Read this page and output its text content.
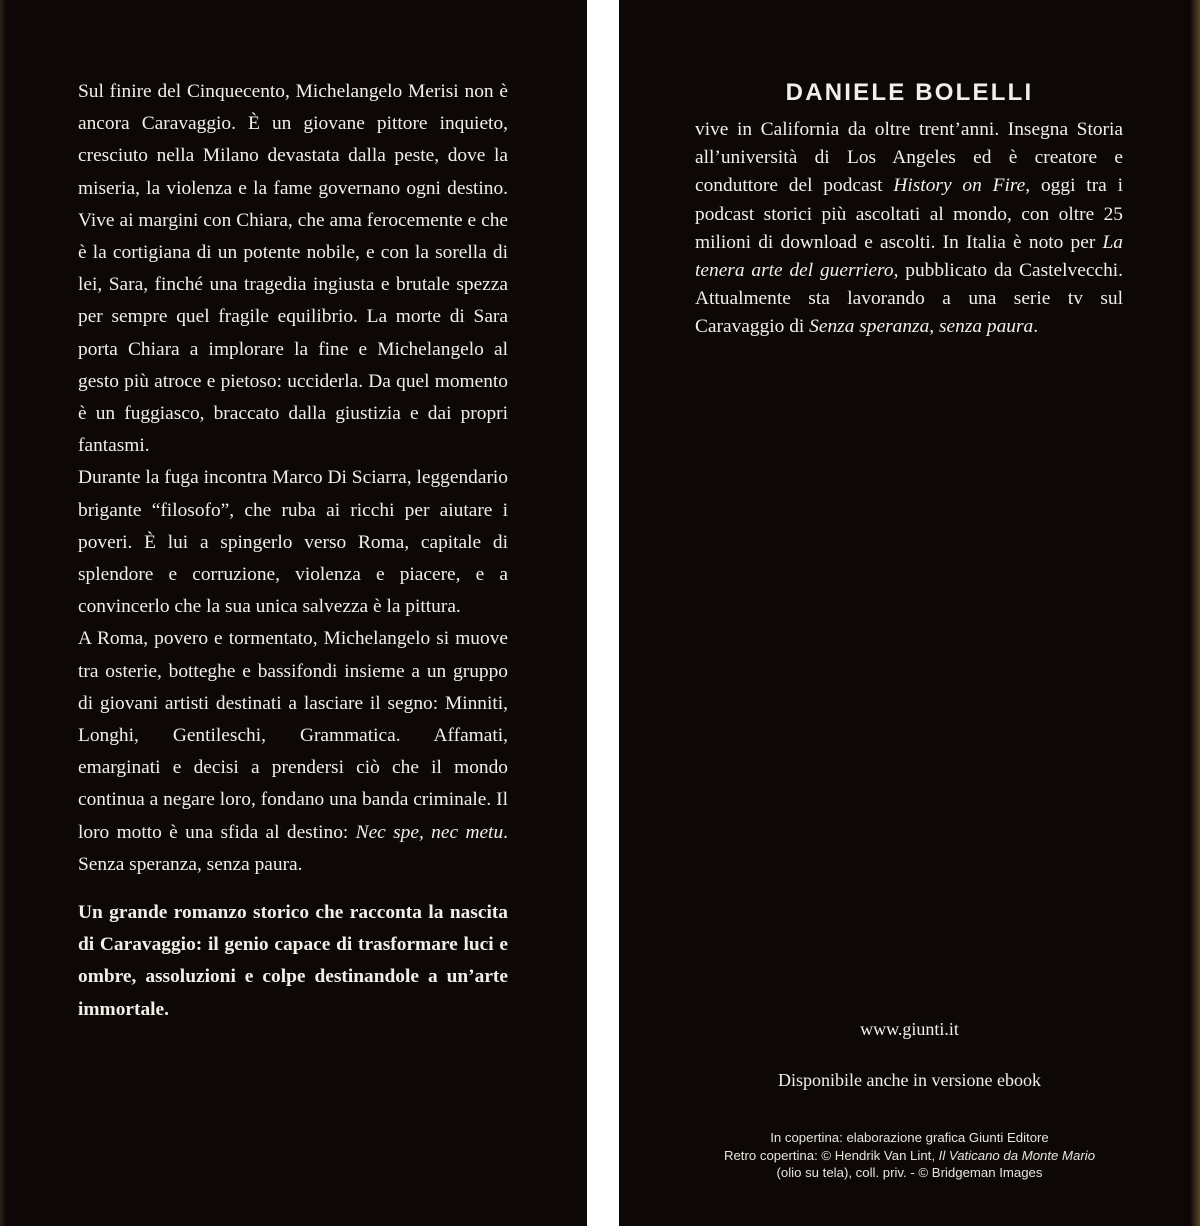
Sul finire del Cinquecento, Michelangelo Merisi non è ancora Caravaggio. È un giovane pittore inquieto, cresciuto nella Milano devastata dalla peste, dove la miseria, la violenza e la fame governano ogni destino. Vive ai margini con Chiara, che ama ferocemente e che è la cortigiana di un potente nobile, e con la sorella di lei, Sara, finché una tragedia ingiusta e brutale spezza per sempre quel fragile equilibrio. La morte di Sara porta Chiara a implorare la fine e Michelangelo al gesto più atroce e pietoso: ucciderla. Da quel momento è un fuggiasco, braccato dalla giustizia e dai propri fantasmi.

Durante la fuga incontra Marco Di Sciarra, leggendario brigante “filosofo”, che ruba ai ricchi per aiutare i poveri. È lui a spingerlo verso Roma, capitale di splendore e corruzione, violenza e piacere, e a convincerlo che la sua unica salvezza è la pittura.

A Roma, povero e tormentato, Michelangelo si muove tra osterie, botteghe e bassifondi insieme a un gruppo di giovani artisti destinati a lasciare il segno: Minniti, Longhi, Gentileschi, Grammatica. Affamati, emarginati e decisi a prendersi ciò che il mondo continua a negare loro, fondano una banda criminale. Il loro motto è una sfida al destino: Nec spe, nec metu. Senza speranza, senza paura.

Un grande romanzo storico che racconta la nascita di Caravaggio: il genio capace di trasformare luci e ombre, assoluzioni e colpe destinandole a un’arte immortale.

DANIELE BOLELLI

vive in California da oltre trent’anni. Insegna Storia all’università di Los Angeles ed è creatore e conduttore del podcast History on Fire, oggi tra i podcast storici più ascoltati al mondo, con oltre 25 milioni di download e ascolti. In Italia è noto per La tenera arte del guerriero, pubblicato da Castelvecchi. Attualmente sta lavorando a una serie tv sul Caravaggio di Senza speranza, senza paura.

www.giunti.it

Disponibile anche in versione ebook

In copertina: elaborazione grafica Giunti Editore
Retro copertina: © Hendrik Van Lint, Il Vaticano da Monte Mario
(olio su tela), coll. priv. - © Bridgeman Images
